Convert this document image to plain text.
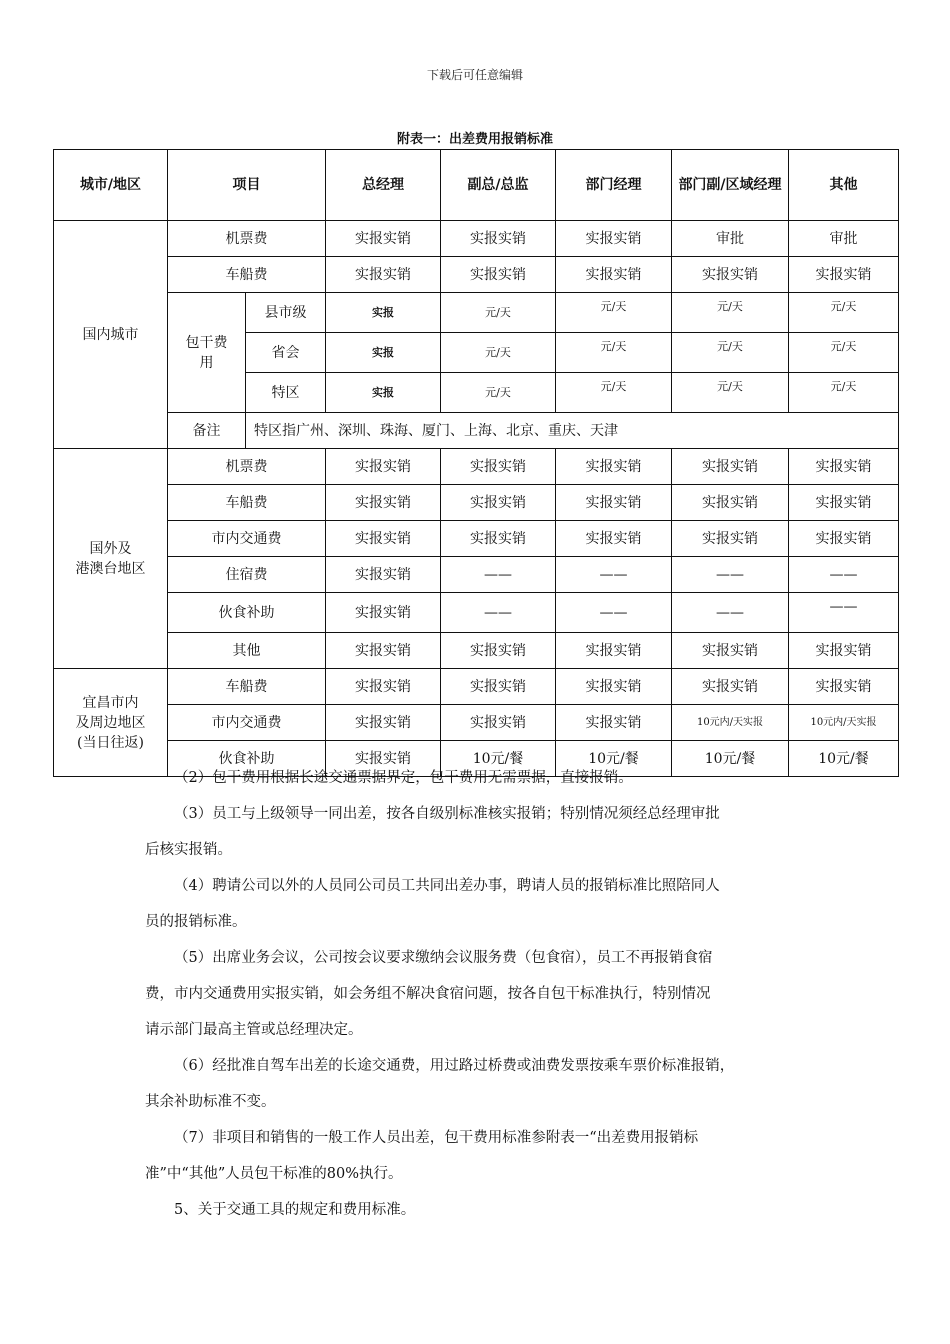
下载后可任意编辑
附表一：出差费用报销标准
城市/地区	项目		总经理	副总/总监	部门经理	部门副/区域经理	其他
国内城市	机票费		实报实销	实报实销	实报实销	审批	审批
	车船费		实报实销	实报实销	实报实销	实报实销	实报实销
	包干费用	县市级	实报	元/天	元/天	元/天	元/天
		省会	实报	元/天	元/天	元/天	元/天
		特区	实报	元/天	元/天	元/天	元/天
	备注	特区指广州、深圳、珠海、厦门、上海、北京、重庆、天津					

国外及
港澳台地区	机票费		实报实销	实报实销	实报实销	实报实销	实报实销
	车船费		实报实销	实报实销	实报实销	实报实销	实报实销
	市内交通费		实报实销	实报实销	实报实销	实报实销	实报实销
	住宿费		实报实销	——	——	——	——
	伙食补助		实报实销	——	——	——	——
	其他		实报实销	实报实销	实报实销	实报实销	实报实销

宜昌市内
及周边地区
(当日往返)	车船费		实报实销	实报实销	实报实销	实报实销	实报实销
	市内交通费		实报实销	实报实销	实报实销	10元内/天实报	10元内/天实报
	伙食补助		实报实销	10元/餐	10元/餐	10元/餐	10元/餐

（2）包干费用根据长途交通票据界定，包干费用无需票据，直接报销。

（3）员工与上级领导一同出差，按各自级别标准核实报销；特别情况须经总经理审批

后核实报销。

（4）聘请公司以外的人员同公司员工共同出差办事，聘请人员的报销标准比照陪同人

员的报销标准。

（5）出席业务会议，公司按会议要求缴纳会议服务费（包食宿），员工不再报销食宿

费，市内交通费用实报实销，如会务组不解决食宿问题，按各自包干标准执行，特别情况

请示部门最高主管或总经理决定。

（6）经批准自驾车出差的长途交通费，用过路过桥费或油费发票按乘车票价标准报销，

其余补助标准不变。

（7）非项目和销售的一般工作人员出差，包干费用标准参附表一“出差费用报销标

准”中“其他”人员包干标准的80%执行。

5、关于交通工具的规定和费用标准。
